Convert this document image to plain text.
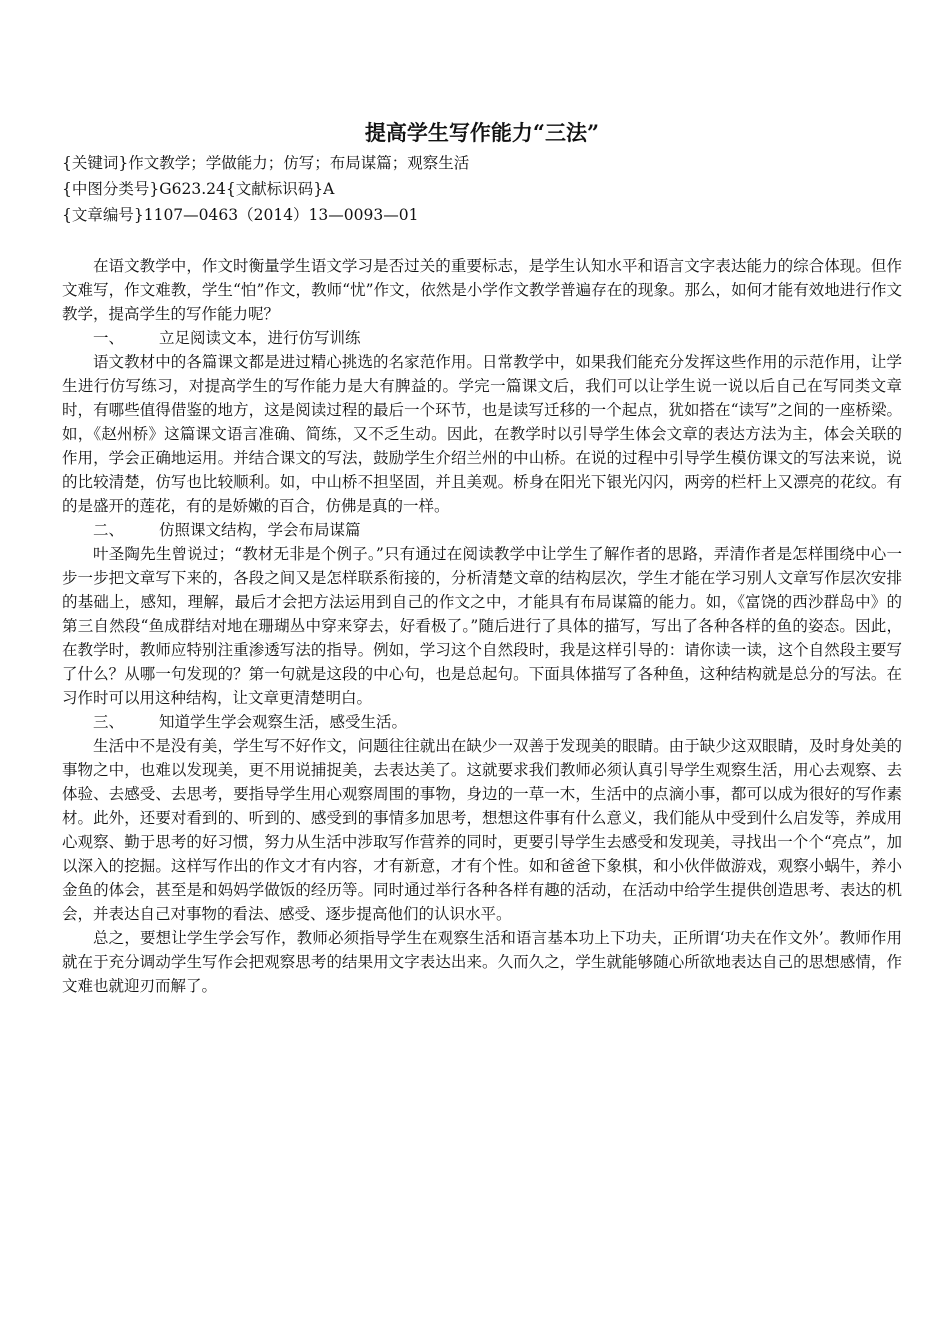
提高学生写作能力“三法”

{关键词}作文教学；学做能力；仿写；布局谋篇；观察生活

{中图分类号}G623.24{文献标识码}A

{文章编号}1107—0463（2014）13—0093—01

在语文教学中，作文时衡量学生语文学习是否过关的重要标志，是学生认知水平和语言文字表达能力的综合体现。但作文难写，作文难教，学生“怕”作文，教师“忧”作文，依然是小学作文教学普遍存在的现象。那么，如何才能有效地进行作文教学，提高学生的写作能力呢？

一、 立足阅读文本，进行仿写训练

语文教材中的各篇课文都是进过精心挑选的名家范作用。日常教学中，如果我们能充分发挥这些作用的示范作用，让学生进行仿写练习，对提高学生的写作能力是大有脾益的。学完一篇课文后，我们可以让学生说一说以后自己在写同类文章时，有哪些值得借鉴的地方，这是阅读过程的最后一个环节，也是读写迁移的一个起点，犹如搭在“读写”之间的一座桥梁。如，《赵州桥》这篇课文语言准确、简练，又不乏生动。因此，在教学时以引导学生体会文章的表达方法为主，体会关联的作用，学会正确地运用。并结合课文的写法，鼓励学生介绍兰州的中山桥。在说的过程中引导学生模仿课文的写法来说，说的比较清楚，仿写也比较顺利。如，中山桥不担坚固，并且美观。桥身在阳光下银光闪闪，两旁的栏杆上又漂亮的花纹。有的是盛开的莲花，有的是娇嫩的百合，仿佛是真的一样。

二、 仿照课文结构，学会布局谋篇

叶圣陶先生曾说过；“教材无非是个例子。”只有通过在阅读教学中让学生了解作者的思路，弄清作者是怎样围绕中心一步一步把文章写下来的，各段之间又是怎样联系衔接的，分析清楚文章的结构层次，学生才能在学习别人文章写作层次安排的基础上，感知，理解，最后才会把方法运用到自己的作文之中，才能具有布局谋篇的能力。如，《富饶的西沙群岛中》的第三自然段“鱼成群结对地在珊瑚丛中穿来穿去，好看极了。”随后进行了具体的描写，写出了各种各样的鱼的姿态。因此，在教学时，教师应特别注重渗透写法的指导。例如，学习这个自然段时，我是这样引导的：请你读一读，这个自然段主要写了什么？从哪一句发现的？第一句就是这段的中心句，也是总起句。下面具体描写了各种鱼，这种结构就是总分的写法。在习作时可以用这种结构，让文章更清楚明白。

三、 知道学生学会观察生活，感受生活。

生活中不是没有美，学生写不好作文，问题往往就出在缺少一双善于发现美的眼睛。由于缺少这双眼睛，及时身处美的事物之中，也难以发现美，更不用说捕捉美，去表达美了。这就要求我们教师必须认真引导学生观察生活，用心去观察、去体验、去感受、去思考，要指导学生用心观察周围的事物，身边的一草一木，生活中的点滴小事，都可以成为很好的写作素材。此外，还要对看到的、听到的、感受到的事情多加思考，想想这件事有什么意义，我们能从中受到什么启发等，养成用心观察、勤于思考的好习惯，努力从生活中涉取写作营养的同时，更要引导学生去感受和发现美，寻找出一个个“亮点”，加以深入的挖掘。这样写作出的作文才有内容，才有新意，才有个性。如和爸爸下象棋，和小伙伴做游戏，观察小蜗牛，养小金鱼的体会，甚至是和妈妈学做饭的经历等。同时通过举行各种各样有趣的活动，在活动中给学生提供创造思考、表达的机会，并表达自己对事物的看法、感受、逐步提高他们的认识水平。

总之，要想让学生学会写作，教师必须指导学生在观察生活和语言基本功上下功夫，正所谓‘功夫在作文外’。教师作用就在于充分调动学生写作会把观察思考的结果用文字表达出来。久而久之，学生就能够随心所欲地表达自己的思想感情，作文难也就迎刃而解了。
